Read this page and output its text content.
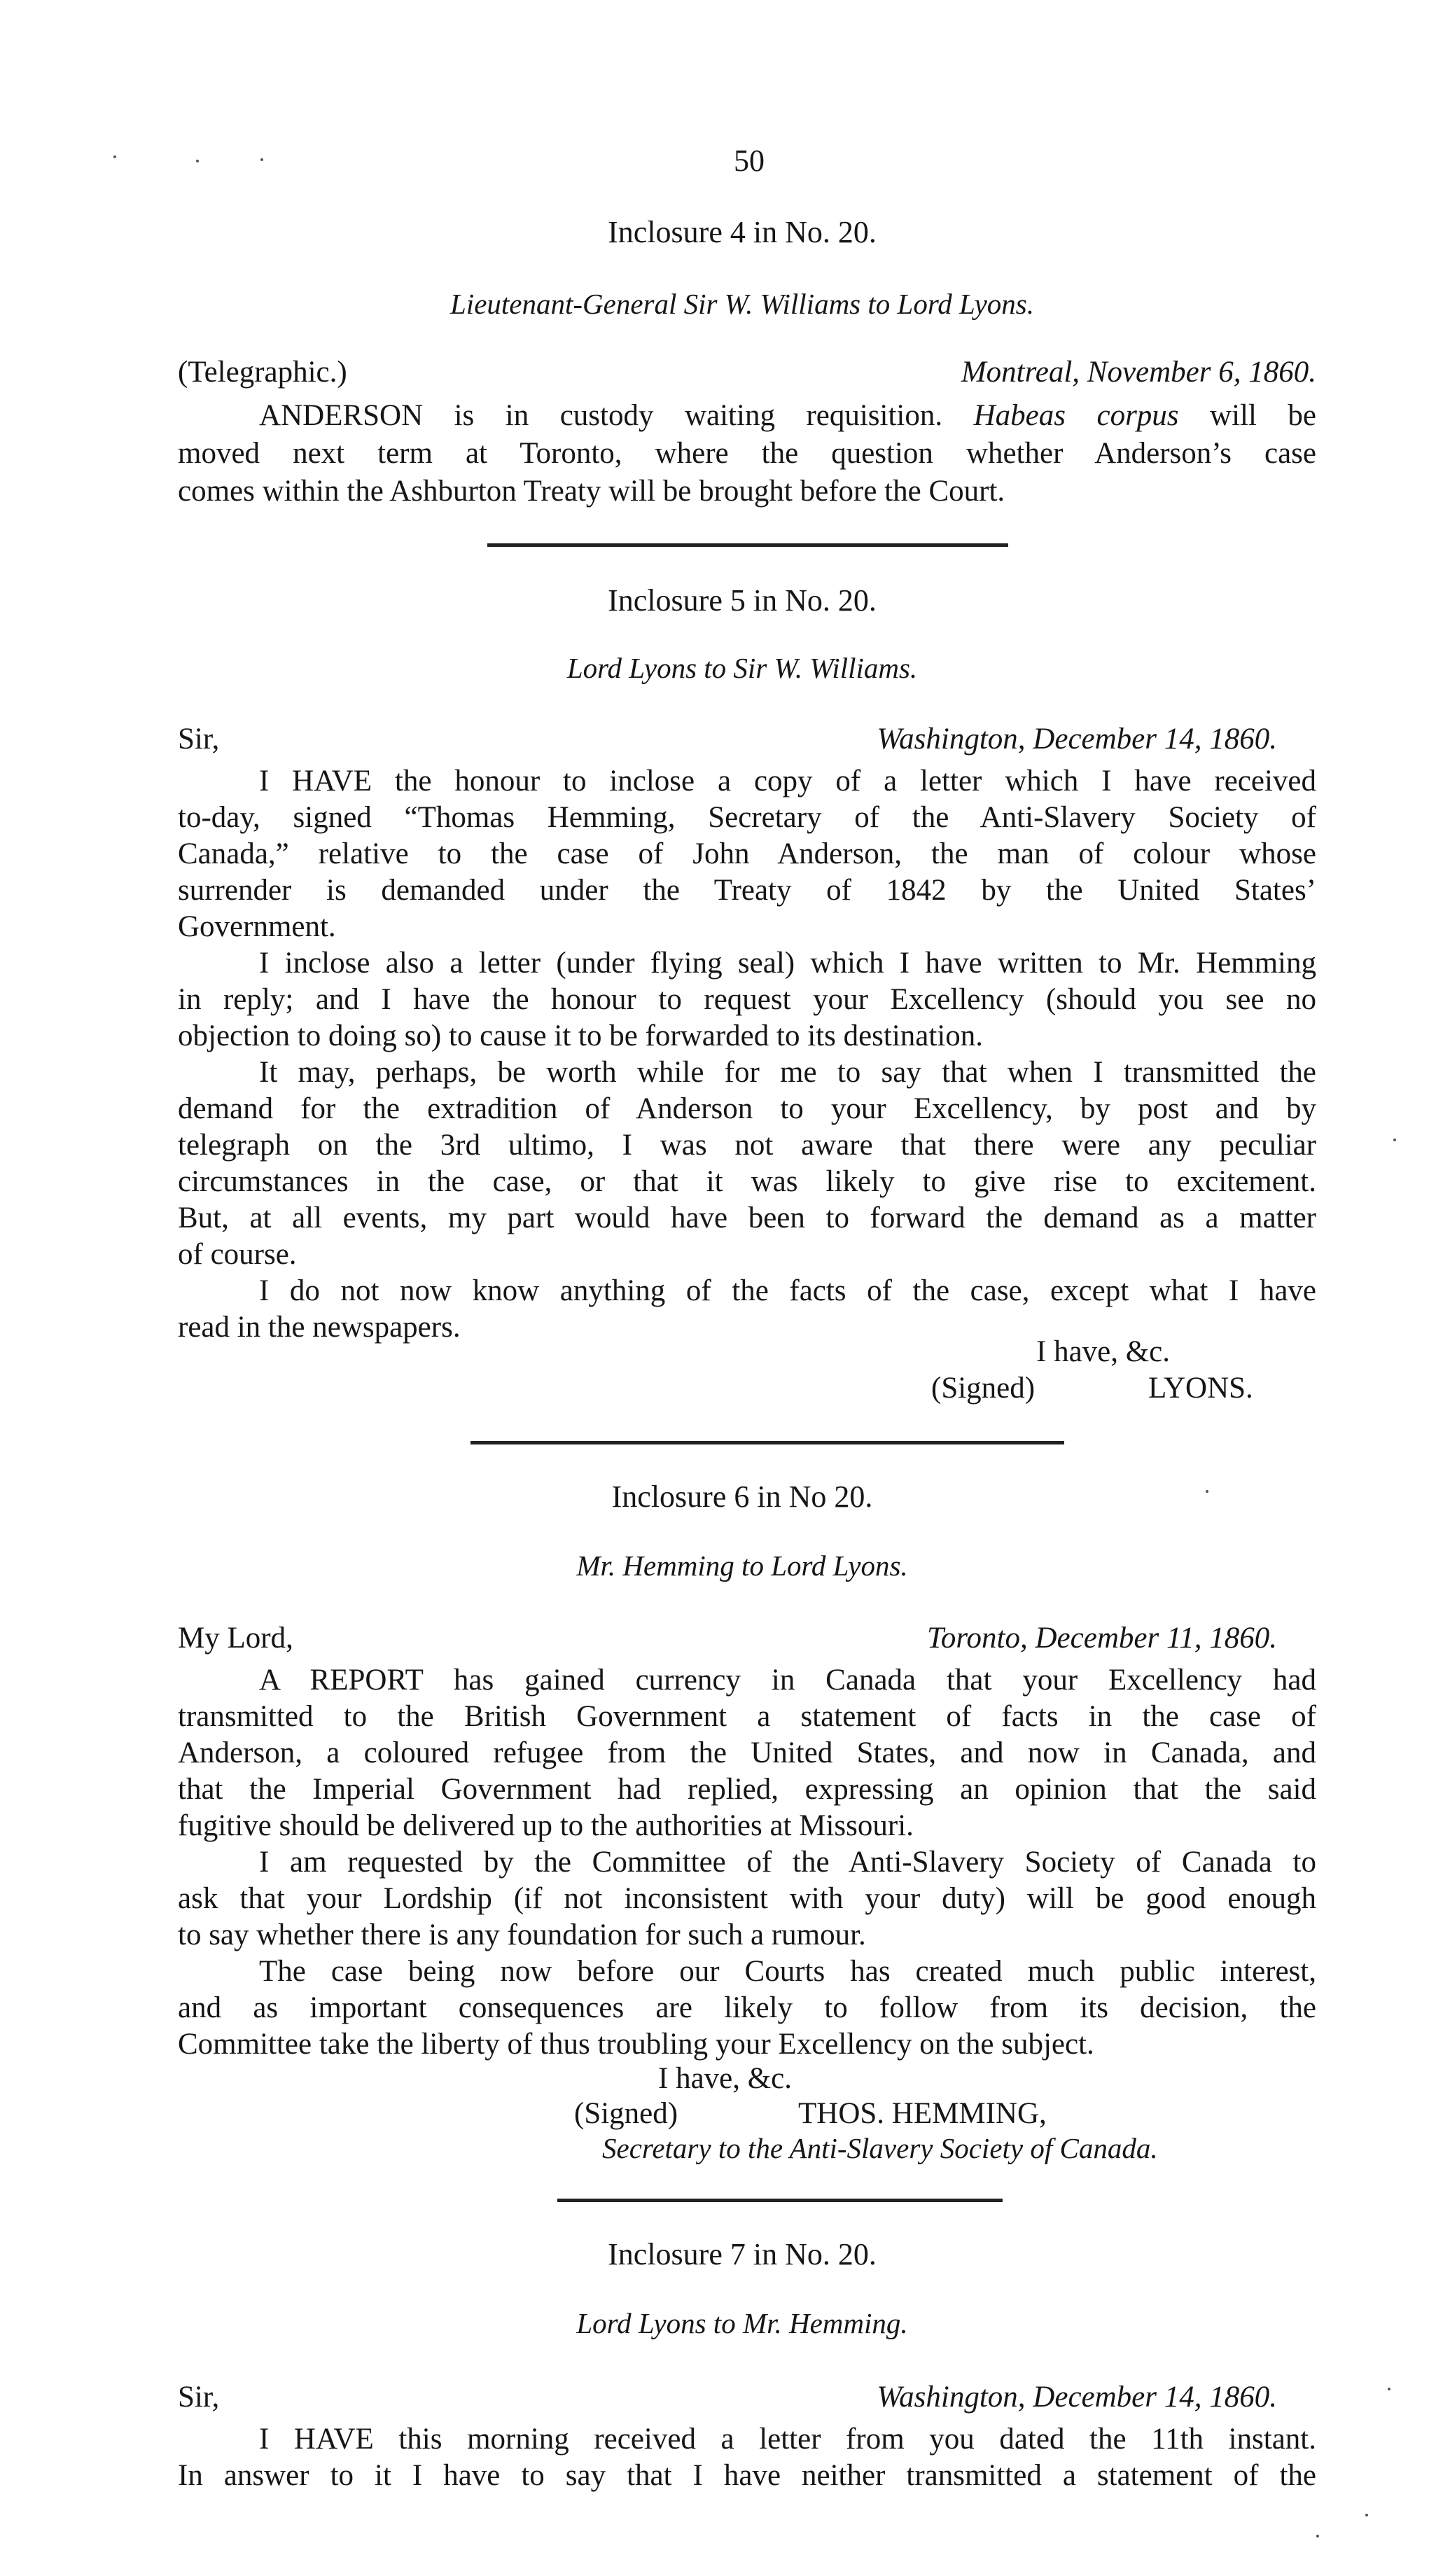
50
Inclosure 4 in No. 20.
Lieutenant-General Sir W. Williams to Lord Lyons.
(Telegraphic.)	Montreal, November 6, 1860.
ANDERSON is in custody waiting requisition. Habeas corpus will be
moved next term at Toronto, where the question whether Anderson’s case
comes within the Ashburton Treaty will be brought before the Court.
Inclosure 5 in No. 20.
Lord Lyons to Sir W. Williams.
Sir,	Washington, December 14, 1860.
I HAVE the honour to inclose a copy of a letter which I have received
to-day, signed “Thomas Hemming, Secretary of the Anti-Slavery Society of
Canada,” relative to the case of John Anderson, the man of colour whose
surrender is demanded under the Treaty of 1842 by the United States’
Government.
I inclose also a letter (under flying seal) which I have written to Mr. Hemming
in reply; and I have the honour to request your Excellency (should you see no
objection to doing so) to cause it to be forwarded to its destination.
It may, perhaps, be worth while for me to say that when I transmitted the
demand for the extradition of Anderson to your Excellency, by post and by
telegraph on the 3rd ultimo, I was not aware that there were any peculiar
circumstances in the case, or that it was likely to give rise to excitement.
But, at all events, my part would have been to forward the demand as a matter
of course.
I do not now know anything of the facts of the case, except what I have
read in the newspapers.
I have, &c.
(Signed)	LYONS.
Inclosure 6 in No 20.
Mr. Hemming to Lord Lyons.
My Lord,	Toronto, December 11, 1860.
A REPORT has gained currency in Canada that your Excellency had
transmitted to the British Government a statement of facts in the case of
Anderson, a coloured refugee from the United States, and now in Canada, and
that the Imperial Government had replied, expressing an opinion that the said
fugitive should be delivered up to the authorities at Missouri.
I am requested by the Committee of the Anti-Slavery Society of Canada to
ask that your Lordship (if not inconsistent with your duty) will be good enough
to say whether there is any foundation for such a rumour.
The case being now before our Courts has created much public interest,
and as important consequences are likely to follow from its decision, the
Committee take the liberty of thus troubling your Excellency on the subject.
I have, &c.
(Signed)	THOS. HEMMING,
Secretary to the Anti-Slavery Society of Canada.
Inclosure 7 in No. 20.
Lord Lyons to Mr. Hemming.
Sir,	Washington, December 14, 1860.
I HAVE this morning received a letter from you dated the 11th instant.
In answer to it I have to say that I have neither transmitted a statement of the
